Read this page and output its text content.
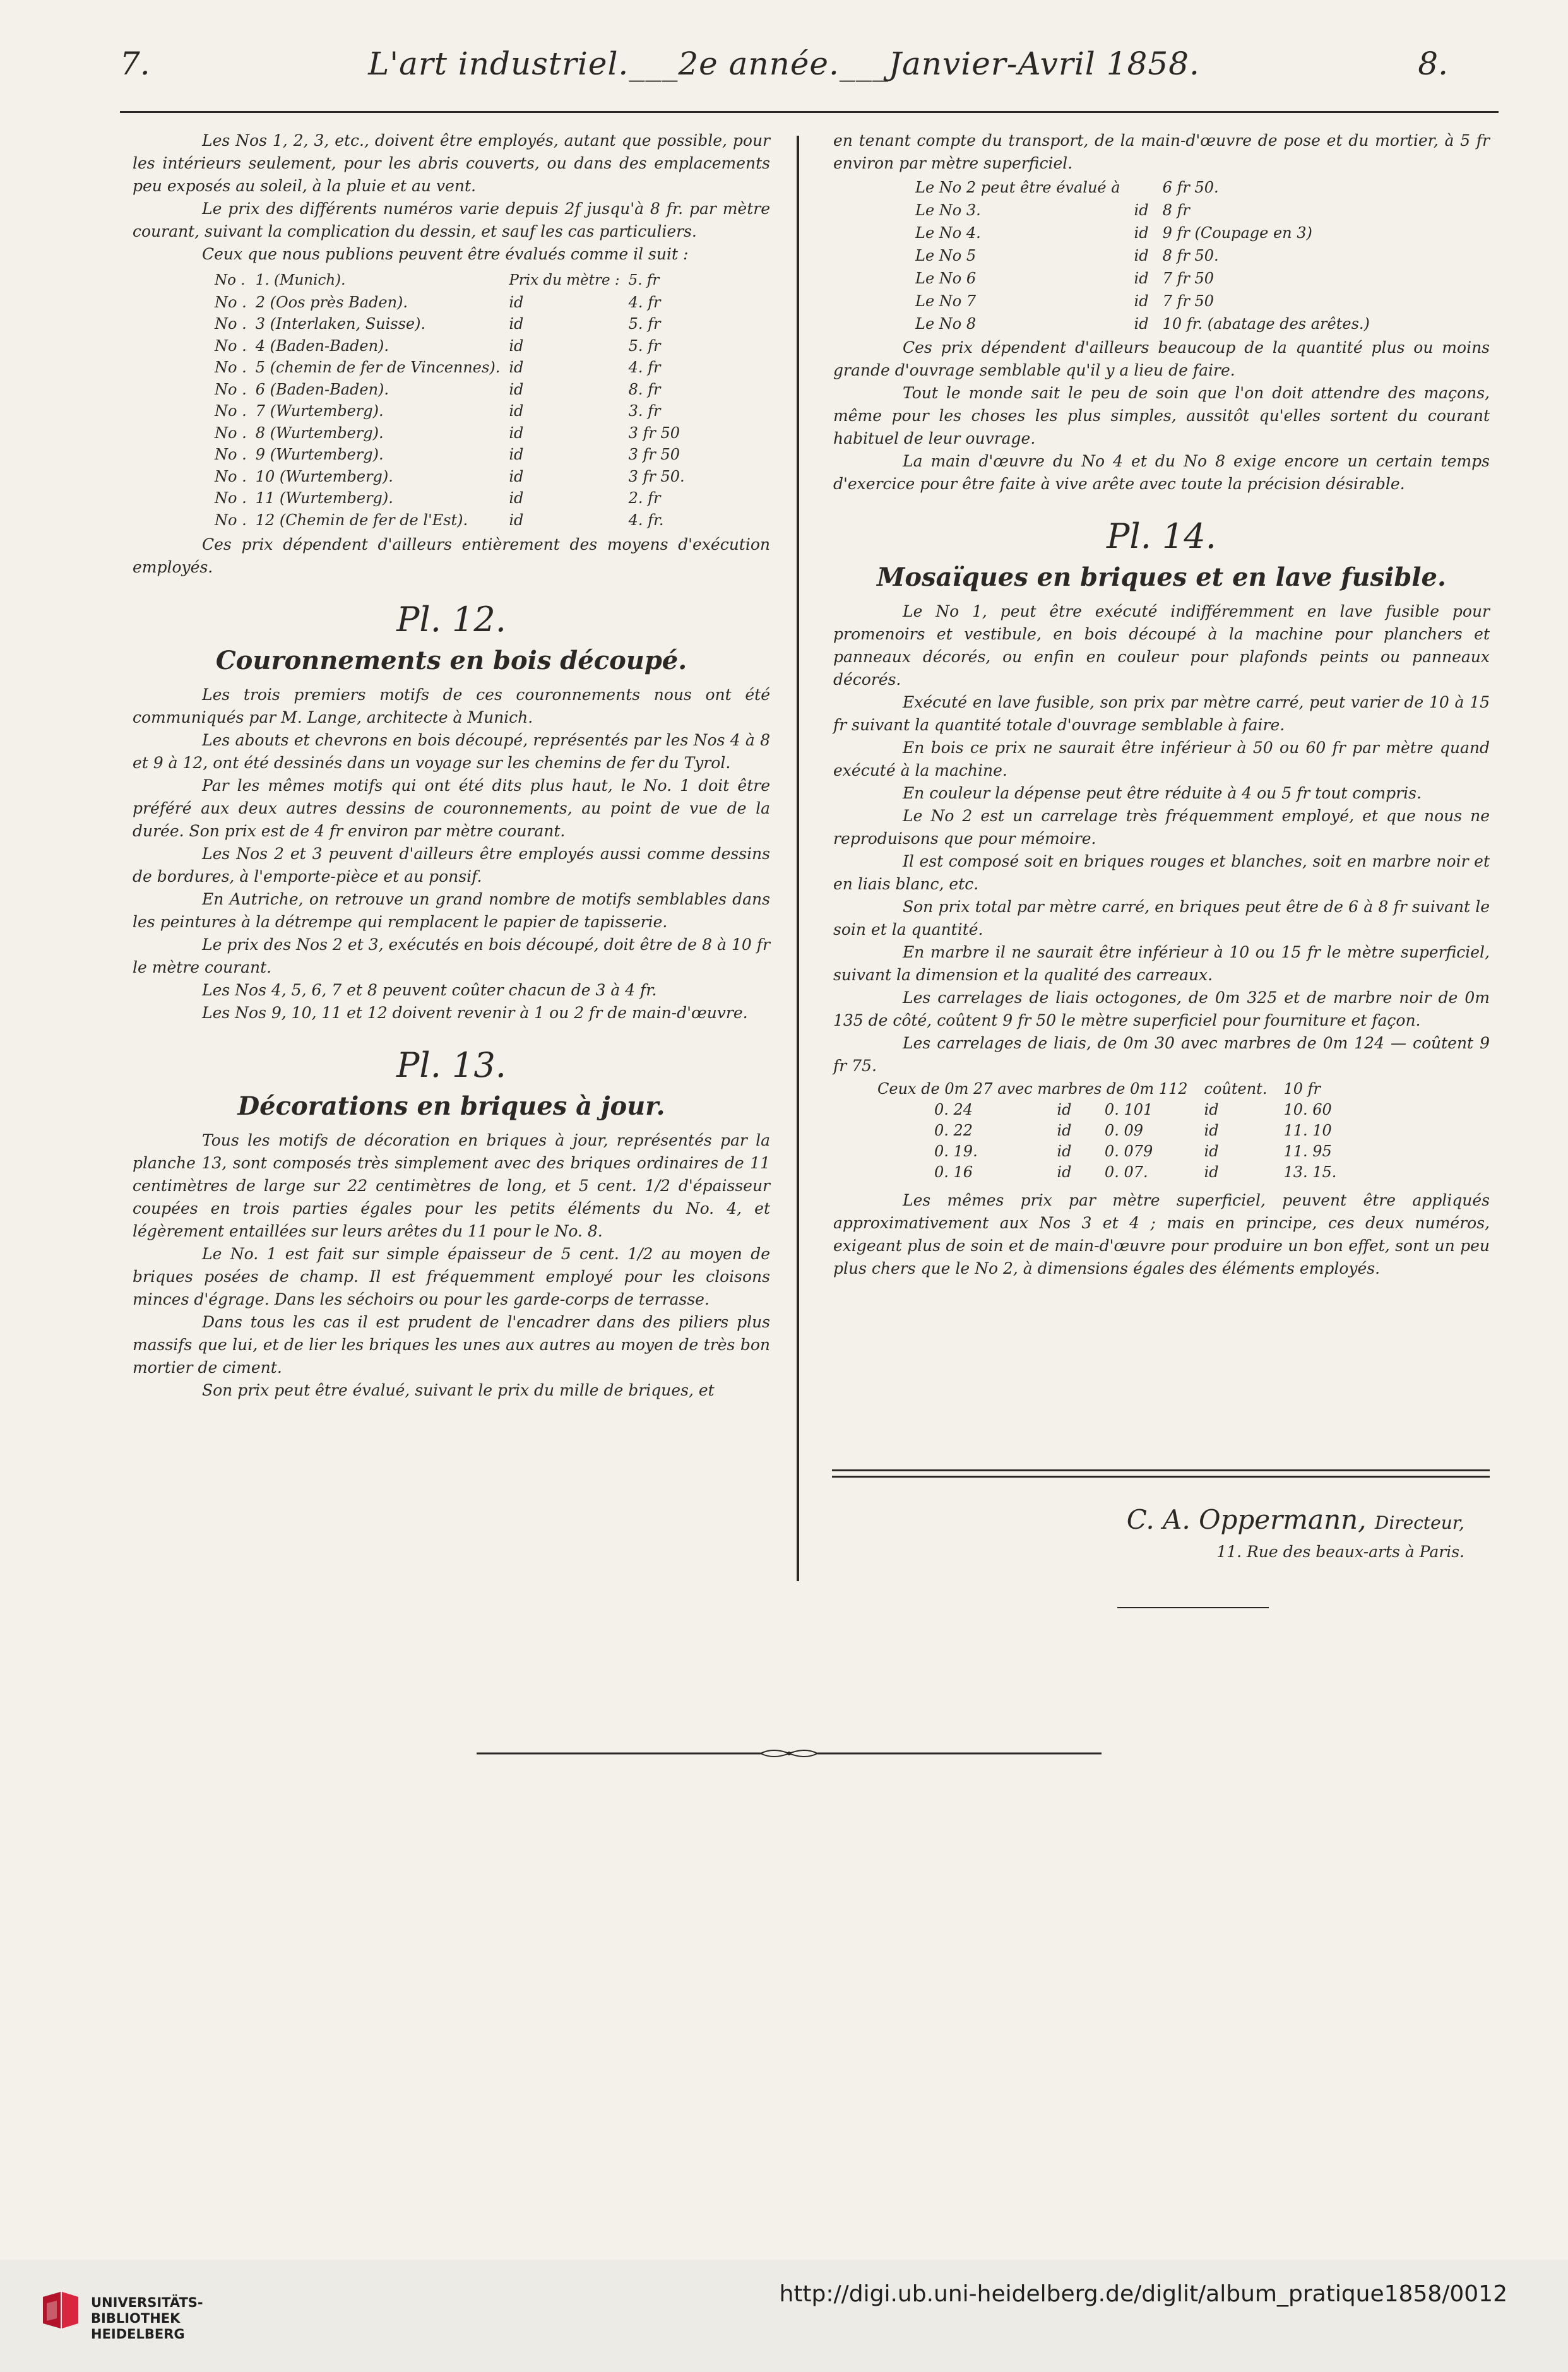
7.	L'art industriel.___2e année.___Janvier-Avril 1858.	8.

Les Nos 1, 2, 3, etc., doivent être employés, autant que possible, pour les intérieurs seulement, pour les abris couverts, ou dans des emplacements peu exposés au soleil, à la pluie et au vent.

Le prix des différents numéros varie depuis 2f jusqu'à 8 fr. par mètre courant, suivant la complication du dessin, et sauf les cas particuliers.

Ceux que nous publions peuvent être évalués comme il suit :

No .	1. (Munich).	Prix du mètre :	5. fr
No .	2 (Oos près Baden).	id	4. fr
No .	3 (Interlaken, Suisse).	id	5. fr
No .	4 (Baden-Baden).	id	5. fr
No .	5 (chemin de fer de Vincennes).	id	4. fr
No .	6 (Baden-Baden).	id	8. fr
No .	7 (Wurtemberg).	id	3. fr
No .	8 (Wurtemberg).	id	3 fr 50
No .	9 (Wurtemberg).	id	3 fr 50
No .	10 (Wurtemberg).	id	3 fr 50.
No .	11 (Wurtemberg).	id	2. fr
No .	12 (Chemin de fer de l'Est).	id	4. fr.

Ces prix dépendent d'ailleurs entièrement des moyens d'exécution employés.

Pl. 12.
Couronnements en bois découpé.

Les trois premiers motifs de ces couronnements nous ont été communiqués par M. Lange, architecte à Munich.

Les abouts et chevrons en bois découpé, représentés par les Nos 4 à 8 et 9 à 12, ont été dessinés dans un voyage sur les chemins de fer du Tyrol.

Par les mêmes motifs qui ont été dits plus haut, le No. 1 doit être préféré aux deux autres dessins de couronnements, au point de vue de la durée. Son prix est de 4 fr environ par mètre courant.

Les Nos 2 et 3 peuvent d'ailleurs être employés aussi comme dessins de bordures, à l'emporte-pièce et au ponsif.

En Autriche, on retrouve un grand nombre de motifs semblables dans les peintures à la détrempe qui remplacent le papier de tapisserie.

Le prix des Nos 2 et 3, exécutés en bois découpé, doit être de 8 à 10 fr le mètre courant.

Les Nos 4, 5, 6, 7 et 8 peuvent coûter chacun de 3 à 4 fr.

Les Nos 9, 10, 11 et 12 doivent revenir à 1 ou 2 fr de main-d'œuvre.

Pl. 13.
Décorations en briques à jour.

Tous les motifs de décoration en briques à jour, représentés par la planche 13, sont composés très simplement avec des briques ordinaires de 11 centimètres de large sur 22 centimètres de long, et 5 cent. 1/2 d'épaisseur coupées en trois parties égales pour les petits éléments du No. 4, et légèrement entaillées sur leurs arêtes du 11 pour le No. 8.

Le No. 1 est fait sur simple épaisseur de 5 cent. 1/2 au moyen de briques posées de champ. Il est fréquemment employé pour les cloisons minces d'égrage. Dans les séchoirs ou pour les garde-corps de terrasse.

Dans tous les cas il est prudent de l'encadrer dans des piliers plus massifs que lui, et de lier les briques les unes aux autres au moyen de très bon mortier de ciment.

Son prix peut être évalué, suivant le prix du mille de briques, et

en tenant compte du transport, de la main-d'œuvre de pose et du mortier, à 5 fr environ par mètre superficiel.

Le No 2 peut être évalué à		6 fr 50.
Le No 3.	id	8 fr
Le No 4.	id	9 fr (Coupage en 3)
Le No 5	id	8 fr 50.
Le No 6	id	7 fr 50
Le No 7	id	7 fr 50
Le No 8	id	10 fr. (abatage des arêtes.)

Ces prix dépendent d'ailleurs beaucoup de la quantité plus ou moins grande d'ouvrage semblable qu'il y a lieu de faire.

Tout le monde sait le peu de soin que l'on doit attendre des maçons, même pour les choses les plus simples, aussitôt qu'elles sortent du courant habituel de leur ouvrage.

La main d'œuvre du No 4 et du No 8 exige encore un certain temps d'exercice pour être faite à vive arête avec toute la précision désirable.

Pl. 14.
Mosaïques en briques et en lave fusible.

Le No 1, peut être exécuté indifféremment en lave fusible pour promenoirs et vestibule, en bois découpé à la machine pour planchers et panneaux décorés, ou enfin en couleur pour plafonds peints ou panneaux décorés.

Exécuté en lave fusible, son prix par mètre carré, peut varier de 10 à 15 fr suivant la quantité totale d'ouvrage semblable à faire.

En bois ce prix ne saurait être inférieur à 50 ou 60 fr par mètre quand exécuté à la machine.

En couleur la dépense peut être réduite à 4 ou 5 fr tout compris.

Le No 2 est un carrelage très fréquemment employé, et que nous ne reproduisons que pour mémoire.

Il est composé soit en briques rouges et blanches, soit en marbre noir et en liais blanc, etc.

Son prix total par mètre carré, en briques peut être de 6 à 8 fr suivant le soin et la quantité.

En marbre il ne saurait être inférieur à 10 ou 15 fr le mètre superficiel, suivant la dimension et la qualité des carreaux.

Les carrelages de liais octogones, de 0m 325 et de marbre noir de 0m 135 de côté, coûtent 9 fr 50 le mètre superficiel pour fourniture et façon.

Les carrelages de liais, de 0m 30 avec marbres de 0m 124 — coûtent 9 fr 75.

Ceux de 0m 27 avec marbres de 0m 112			coûtent.	10 fr
0. 24	id	0. 101	id	10. 60
0. 22	id	0. 09	id	11. 10
0. 19.	id	0. 079	id	11. 95
0. 16	id	0. 07.	id	13. 15.

Les mêmes prix par mètre superficiel, peuvent être appliqués approximativement aux Nos 3 et 4 ; mais en principe, ces deux numéros, exigeant plus de soin et de main-d'œuvre pour produire un bon effet, sont un peu plus chers que le No 2, à dimensions égales des éléments employés.

C. A. Oppermann, Directeur,
11. Rue des beaux-arts à Paris.
UNIVERSITÄTS-
BIBLIOTHEK
HEIDELBERG
http://digi.ub.uni-heidelberg.de/diglit/album_pratique1858/0012
